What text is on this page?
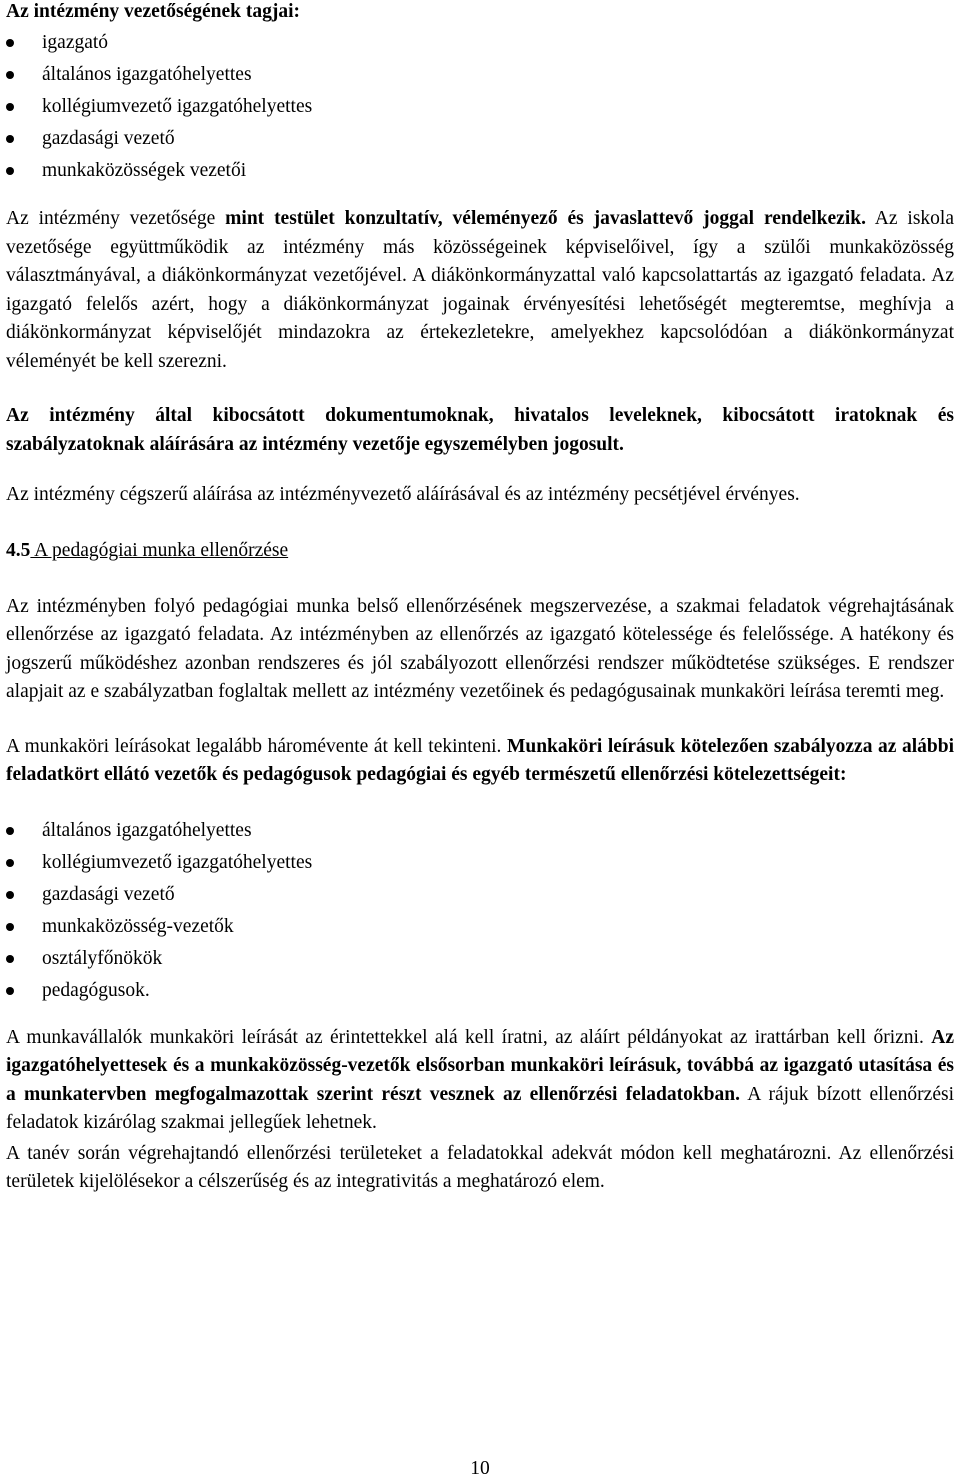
Az intézmény vezetőségének tagjai:
igazgató
általános igazgatóhelyettes
kollégiumvezető igazgatóhelyettes
gazdasági vezető
munkaközösségek vezetői

Az intézmény vezetősége mint testület konzultatív, véleményező és javaslattevő joggal rendelkezik. Az iskola vezetősége együttműködik az intézmény más közösségeinek képviselőivel, így a szülői munkaközösség választmányával, a diákönkormányzat vezetőjével. A diákönkormányzattal való kapcsolattartás az igazgató feladata. Az igazgató felelős azért, hogy a diákönkormányzat jogainak érvényesítési lehetőségét megteremtse, meghívja a diákönkormányzat képviselőjét mindazokra az értekezletekre, amelyekhez kapcsolódóan a diákönkormányzat véleményét be kell szerezni.

Az intézmény által kibocsátott dokumentumoknak, hivatalos leveleknek, kibocsátott iratoknak és szabályzatoknak aláírására az intézmény vezetője egyszemélyben jogosult.

Az intézmény cégszerű aláírása az intézményvezető aláírásával és az intézmény pecsétjével érvényes.

4.5 A pedagógiai munka ellenőrzése

Az intézményben folyó pedagógiai munka belső ellenőrzésének megszervezése, a szakmai feladatok végrehajtásának ellenőrzése az igazgató feladata. Az intézményben az ellenőrzés az igazgató kötelessége és felelőssége. A hatékony és jogszerű működéshez azonban rendszeres és jól szabályozott ellenőrzési rendszer működtetése szükséges. E rendszer alapjait az e szabályzatban foglaltak mellett az intézmény vezetőinek és pedagógusainak munkaköri leírása teremti meg.

A munkaköri leírásokat legalább háromévente át kell tekinteni. Munkaköri leírásuk kötelezően szabályozza az alábbi feladatkört ellátó vezetők és pedagógusok pedagógiai és egyéb természetű ellenőrzési kötelezettségeit:

általános igazgatóhelyettes
kollégiumvezető igazgatóhelyettes
gazdasági vezető
munkaközösség-vezetők
osztályfőnökök
pedagógusok.

A munkavállalók munkaköri leírását az érintettekkel alá kell íratni, az aláírt példányokat az irattárban kell őrizni. Az igazgatóhelyettesek és a munkaközösség-vezetők elsősorban munkaköri leírásuk, továbbá az igazgató utasítása és a munkatervben megfogalmazottak szerint részt vesznek az ellenőrzési feladatokban. A rájuk bízott ellenőrzési feladatok kizárólag szakmai jellegűek lehetnek.

A tanév során végrehajtandó ellenőrzési területeket a feladatokkal adekvát módon kell meghatározni. Az ellenőrzési területek kijelölésekor a célszerűség és az integrativitás a meghatározó elem.

10
